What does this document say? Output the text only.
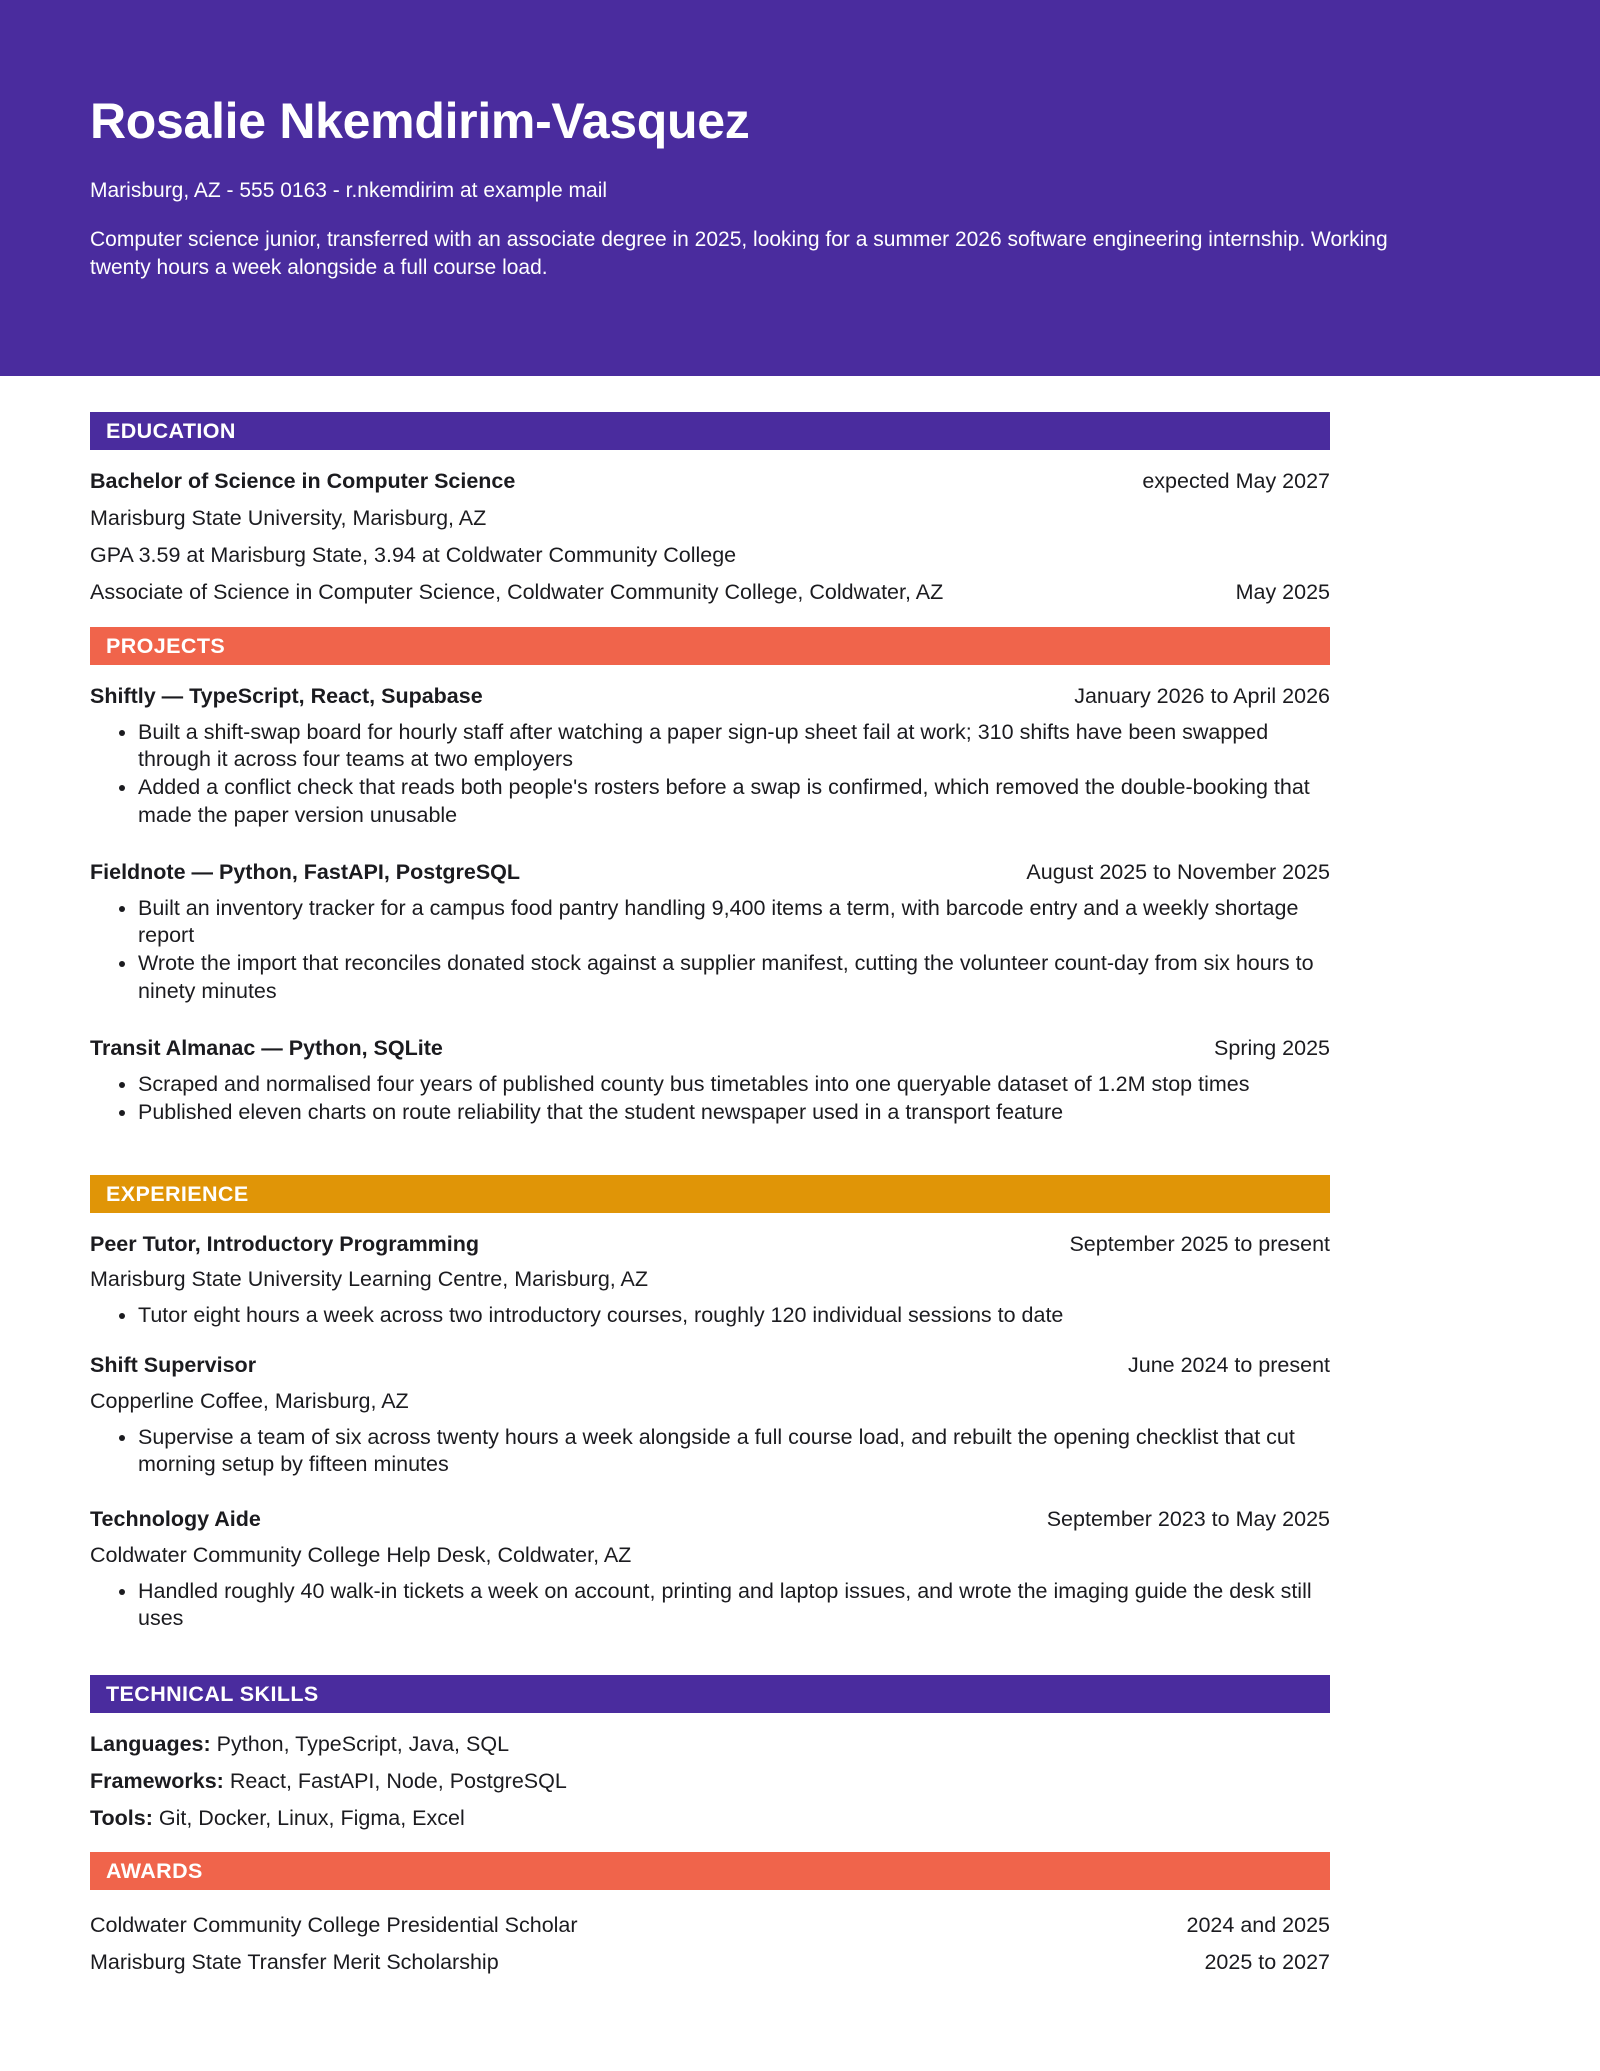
Rosalie Nkemdirim-Vasquez
Marisburg, AZ - 555 0163 - r.nkemdirim at example mail
Computer science junior, transferred with an associate degree in 2025, looking for a summer 2026 software engineering internship. Working twenty hours a week alongside a full course load.
EDUCATION
Bachelor of Science in Computer Science	expected May 2027
Marisburg State University, Marisburg, AZ
GPA 3.59 at Marisburg State, 3.94 at Coldwater Community College
Associate of Science in Computer Science, Coldwater Community College, Coldwater, AZ	May 2025
PROJECTS
Shiftly — TypeScript, React, Supabase	January 2026 to April 2026
• Built a shift-swap board for hourly staff after watching a paper sign-up sheet fail at work; 310 shifts have been swapped through it across four teams at two employers
• Added a conflict check that reads both people's rosters before a swap is confirmed, which removed the double-booking that made the paper version unusable
Fieldnote — Python, FastAPI, PostgreSQL	August 2025 to November 2025
• Built an inventory tracker for a campus food pantry handling 9,400 items a term, with barcode entry and a weekly shortage report
• Wrote the import that reconciles donated stock against a supplier manifest, cutting the volunteer count-day from six hours to ninety minutes
Transit Almanac — Python, SQLite	Spring 2025
• Scraped and normalised four years of published county bus timetables into one queryable dataset of 1.2M stop times
• Published eleven charts on route reliability that the student newspaper used in a transport feature
EXPERIENCE
Peer Tutor, Introductory Programming	September 2025 to present
Marisburg State University Learning Centre, Marisburg, AZ
• Tutor eight hours a week across two introductory courses, roughly 120 individual sessions to date
Shift Supervisor	June 2024 to present
Copperline Coffee, Marisburg, AZ
• Supervise a team of six across twenty hours a week alongside a full course load, and rebuilt the opening checklist that cut morning setup by fifteen minutes
Technology Aide	September 2023 to May 2025
Coldwater Community College Help Desk, Coldwater, AZ
• Handled roughly 40 walk-in tickets a week on account, printing and laptop issues, and wrote the imaging guide the desk still uses
TECHNICAL SKILLS
Languages: Python, TypeScript, Java, SQL
Frameworks: React, FastAPI, Node, PostgreSQL
Tools: Git, Docker, Linux, Figma, Excel
AWARDS
Coldwater Community College Presidential Scholar	2024 and 2025
Marisburg State Transfer Merit Scholarship	2025 to 2027
